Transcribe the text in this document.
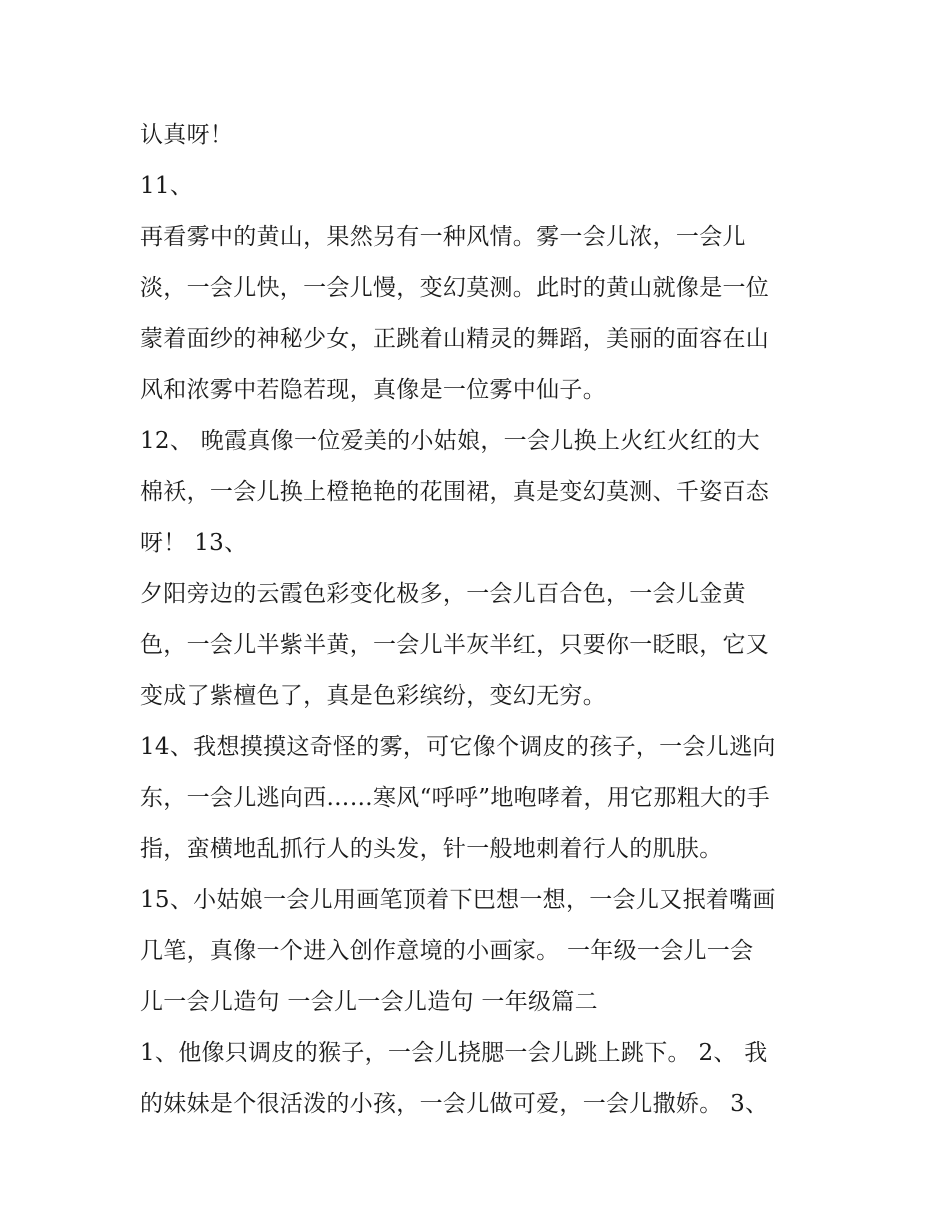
认真呀！
11、
再看雾中的黄山，果然另有一种风情。雾一会儿浓，一会儿
淡，一会儿快，一会儿慢，变幻莫测。此时的黄山就像是一位
蒙着面纱的神秘少女，正跳着山精灵的舞蹈，美丽的面容在山
风和浓雾中若隐若现，真像是一位雾中仙子。
12、 晚霞真像一位爱美的小姑娘，一会儿换上火红火红的大
棉袄，一会儿换上橙艳艳的花围裙，真是变幻莫测、千姿百态
呀！ 13、
夕阳旁边的云霞色彩变化极多，一会儿百合色，一会儿金黄
色，一会儿半紫半黄，一会儿半灰半红，只要你一眨眼，它又
变成了紫檀色了，真是色彩缤纷，变幻无穷。
14、我想摸摸这奇怪的雾，可它像个调皮的孩子，一会儿逃向
东，一会儿逃向西……寒风“呼呼”地咆哮着，用它那粗大的手
指，蛮横地乱抓行人的头发，针一般地刺着行人的肌肤。
15、小姑娘一会儿用画笔顶着下巴想一想，一会儿又抿着嘴画
几笔，真像一个进入创作意境的小画家。 一年级一会儿一会
儿一会儿造句 一会儿一会儿造句 一年级篇二
1、他像只调皮的猴子，一会儿挠腮一会儿跳上跳下。 2、 我
的妹妹是个很活泼的小孩，一会儿做可爱，一会儿撒娇。 3、
